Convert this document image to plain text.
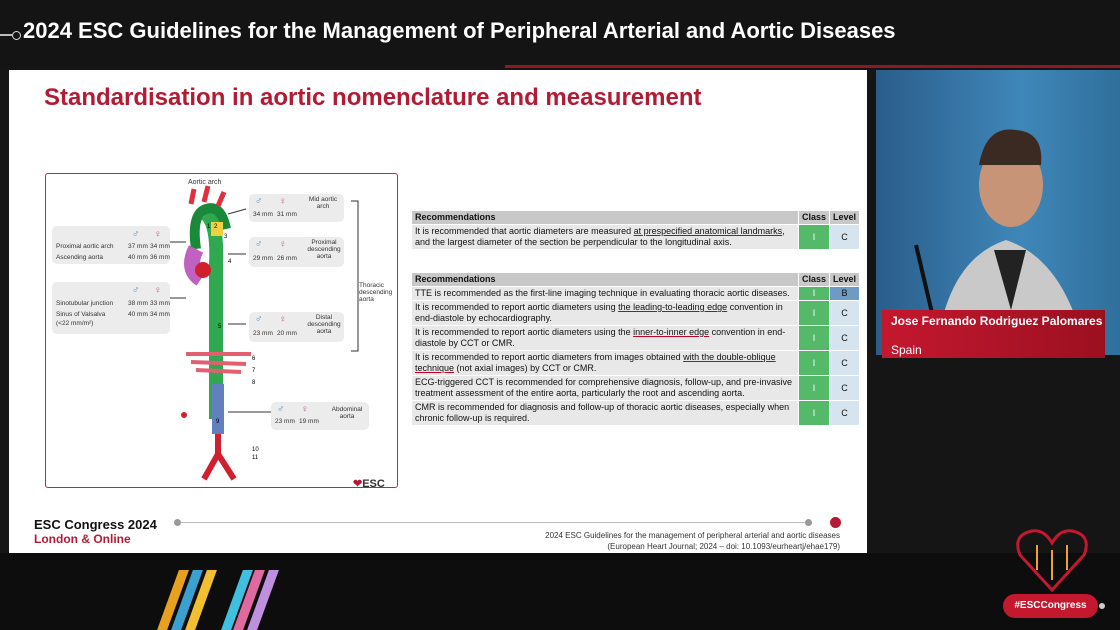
2024 ESC Guidelines for the Management of Peripheral Arterial and Aortic Diseases
Standardisation in aortic nomenclature and measurement
Aortic arch
Proximal aortic arch 37 mm 34 mm
Ascending aorta	40 mm 36 mm
♂ ♀
♂ ♀
Sinotubular junction 38 mm 33 mm
Sinus of Valsalva	40 mm 34 mm
(<22 mm/m²)
♂ ♀
34 mm 31 mm
Mid aortic arch
♂ ♀
29 mm 26 mm
Proximal descending aorta
♂ ♀
23 mm 20 mm
Distal descending aorta
♂ ♀
23 mm 19 mm
Abdominal aorta
Thoracic descending aorta
0
1 2
3
4
5
6
7
8
9
10
11
❤ESC
Recommendations	Class	Level
It is recommended that aortic diameters are measured at prespecified anatomical landmarks, and the largest diameter of the section be perpendicular to the longitudinal axis.	I	C
Recommendations	Class	Level
TTE is recommended as the first-line imaging technique in evaluating thoracic aortic diseases.	I	B
It is recommended to report aortic diameters using the leading-to-leading edge convention in end-diastole by echocardiography.	I	C
It is recommended to report aortic diameters using the inner-to-inner edge convention in end-diastole by CCT or CMR.	I	C
It is recommended to report aortic diameters from images obtained with the double-oblique technique (not axial images) by CCT or CMR.	I	C
ECG-triggered CCT is recommended for comprehensive diagnosis, follow-up, and pre-invasive treatment assessment of the entire aorta, particularly the root and ascending aorta.	I	C
CMR is recommended for diagnosis and follow-up of thoracic aortic diseases, especially when chronic follow-up is required.	I	C
ESC Congress 2024
London & Online	2024 ESC Guidelines for the management of peripheral arterial and aortic diseases
(European Heart Journal; 2024 – doi: 10.1093/eurheartj/ehae179)
Jose Fernando Rodriguez Palomares
Spain
#ESCCongress
